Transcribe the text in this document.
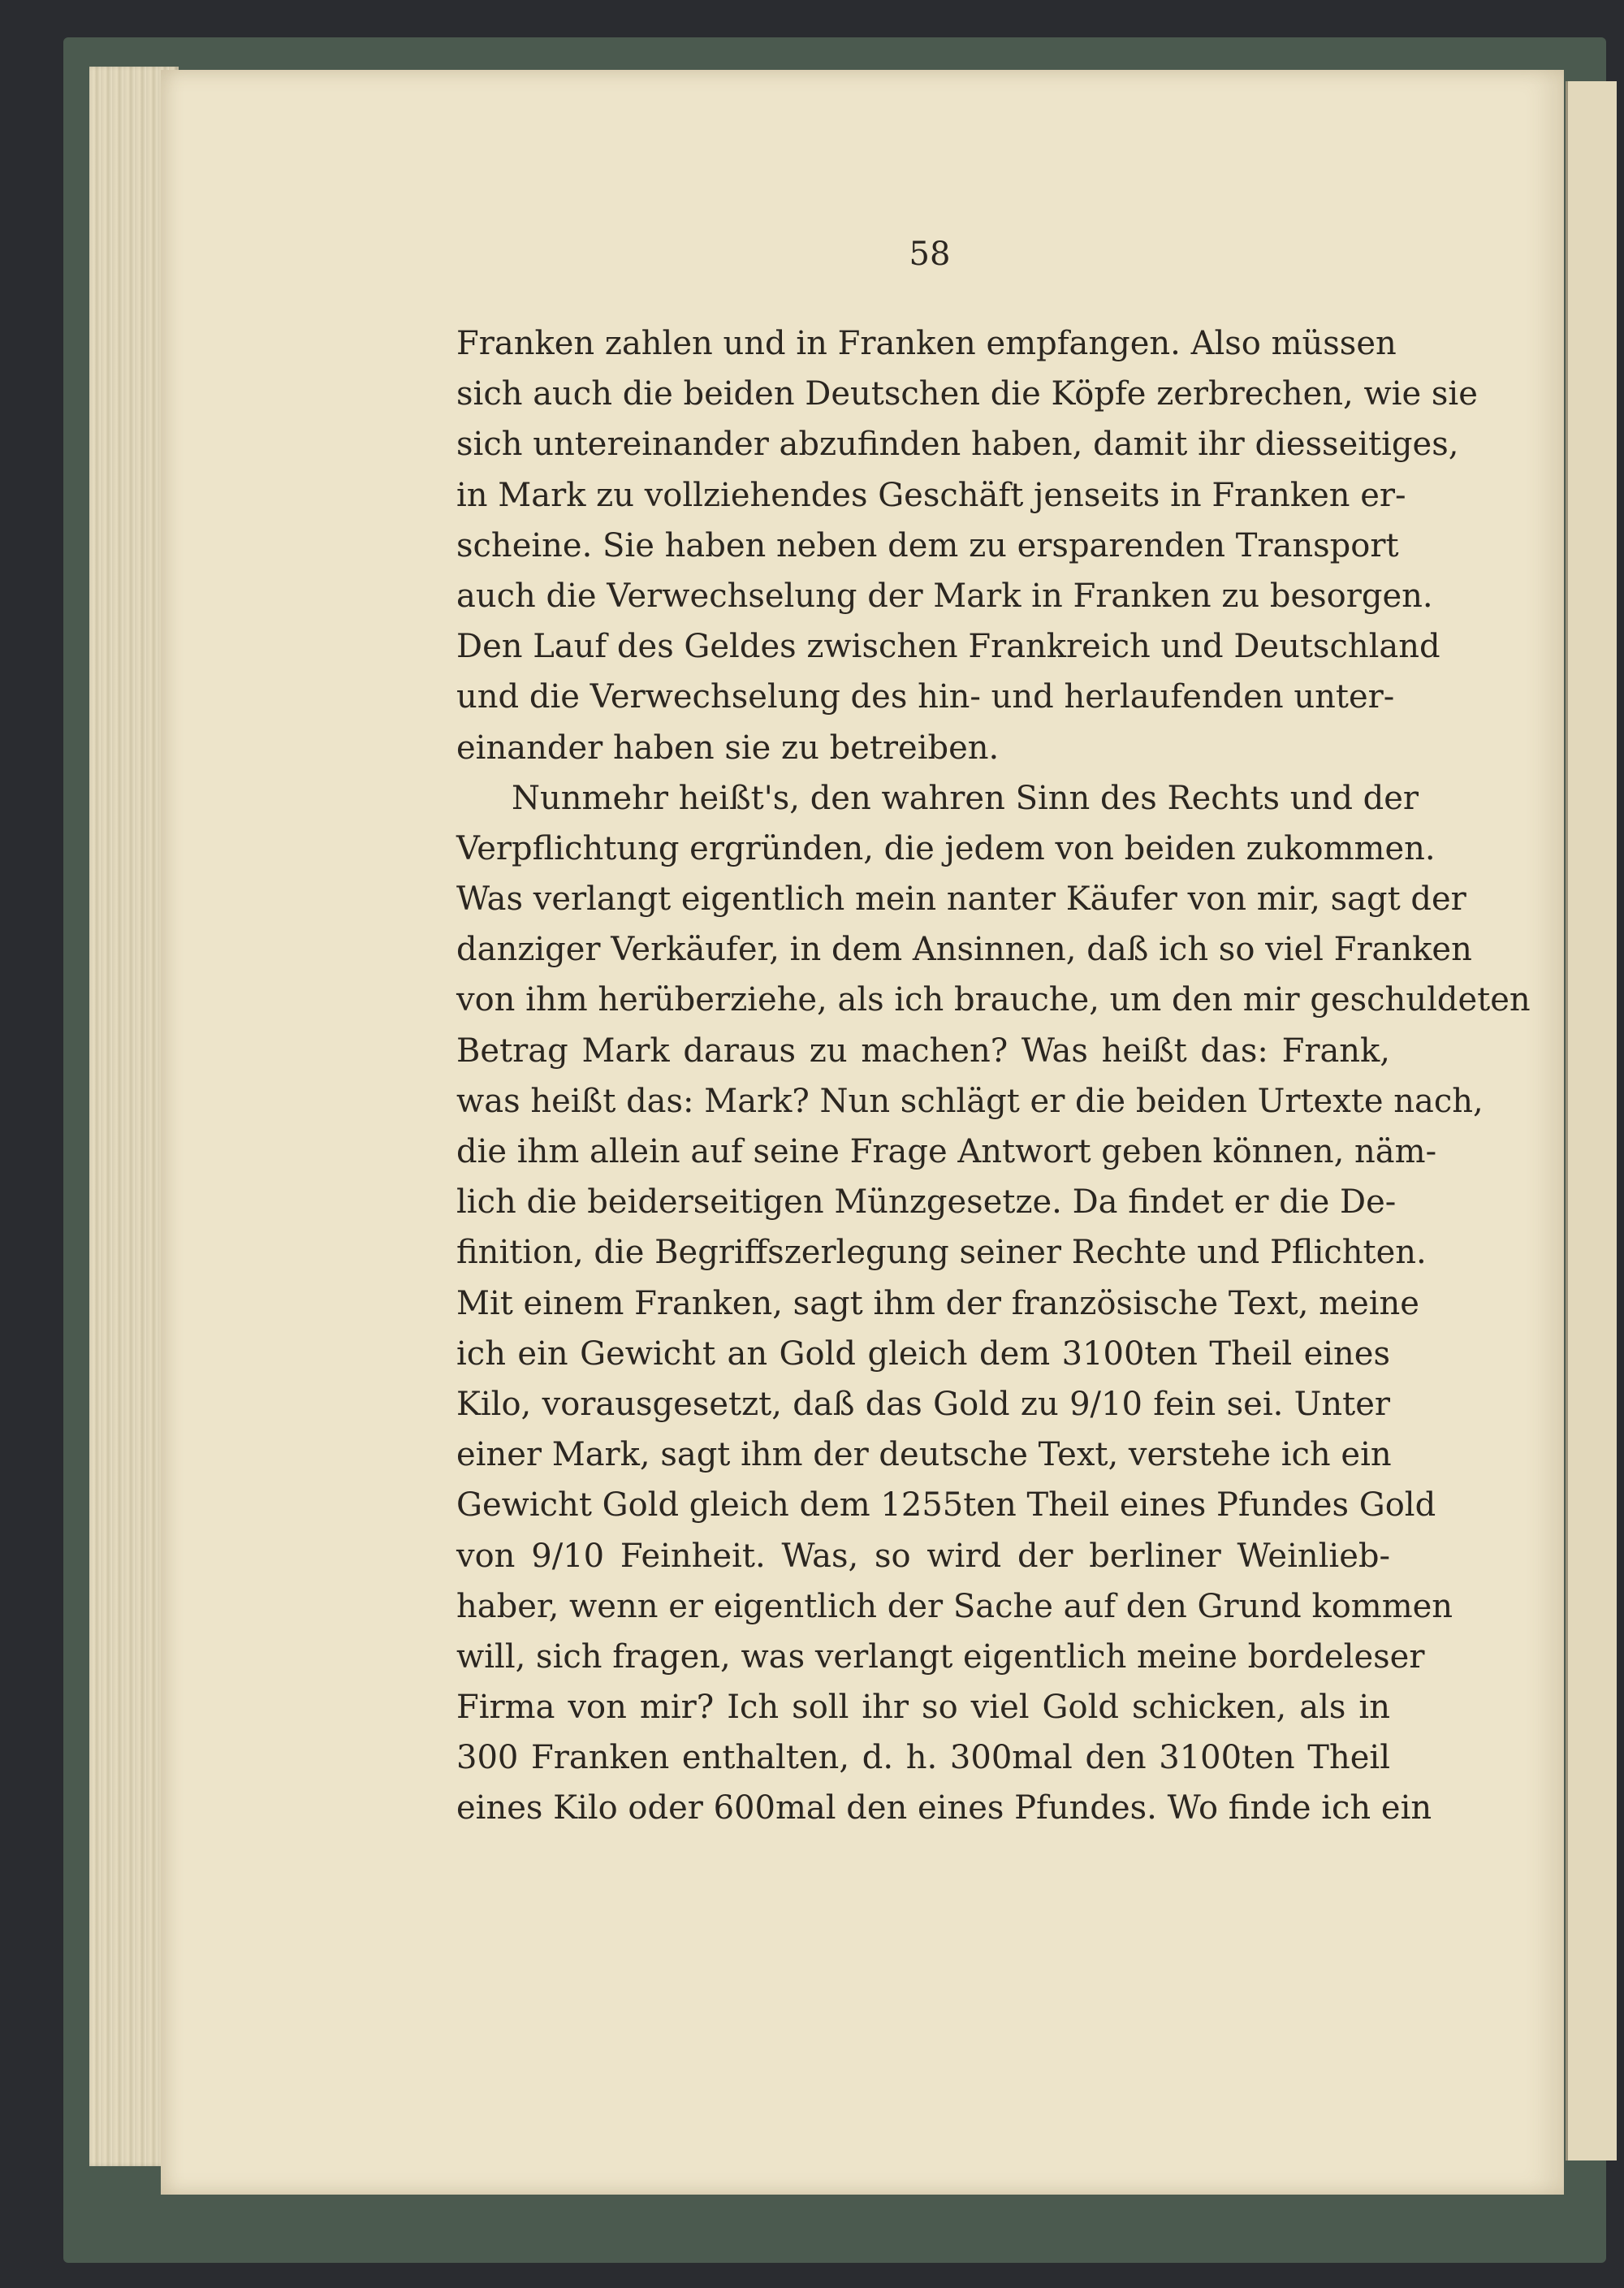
58
Franken zahlen und in Franken empfangen. Also müssen
sich auch die beiden Deutschen die Köpfe zerbrechen, wie sie
sich untereinander abzufinden haben, damit ihr diesseitiges,
in Mark zu vollziehendes Geschäft jenseits in Franken er-
scheine. Sie haben neben dem zu ersparenden Transport
auch die Verwechselung der Mark in Franken zu besorgen.
Den Lauf des Geldes zwischen Frankreich und Deutschland
und die Verwechselung des hin- und herlaufenden unter-
einander haben sie zu betreiben.
Nunmehr heißt's, den wahren Sinn des Rechts und der
Verpflichtung ergründen, die jedem von beiden zukommen.
Was verlangt eigentlich mein nanter Käufer von mir, sagt der
danziger Verkäufer, in dem Ansinnen, daß ich so viel Franken
von ihm herüberziehe, als ich brauche, um den mir geschuldeten
Betrag Mark daraus zu machen? Was heißt das: Frank,
was heißt das: Mark? Nun schlägt er die beiden Urtexte nach,
die ihm allein auf seine Frage Antwort geben können, näm-
lich die beiderseitigen Münzgesetze. Da findet er die De-
finition, die Begriffszerlegung seiner Rechte und Pflichten.
Mit einem Franken, sagt ihm der französische Text, meine
ich ein Gewicht an Gold gleich dem 3100ten Theil eines
Kilo, vorausgesetzt, daß das Gold zu 9/10 fein sei. Unter
einer Mark, sagt ihm der deutsche Text, verstehe ich ein
Gewicht Gold gleich dem 1255ten Theil eines Pfundes Gold
von 9/10 Feinheit. Was, so wird der berliner Weinlieb-
haber, wenn er eigentlich der Sache auf den Grund kommen
will, sich fragen, was verlangt eigentlich meine bordeleser
Firma von mir? Ich soll ihr so viel Gold schicken, als in
300 Franken enthalten, d. h. 300mal den 3100ten Theil
eines Kilo oder 600mal den eines Pfundes. Wo finde ich ein
